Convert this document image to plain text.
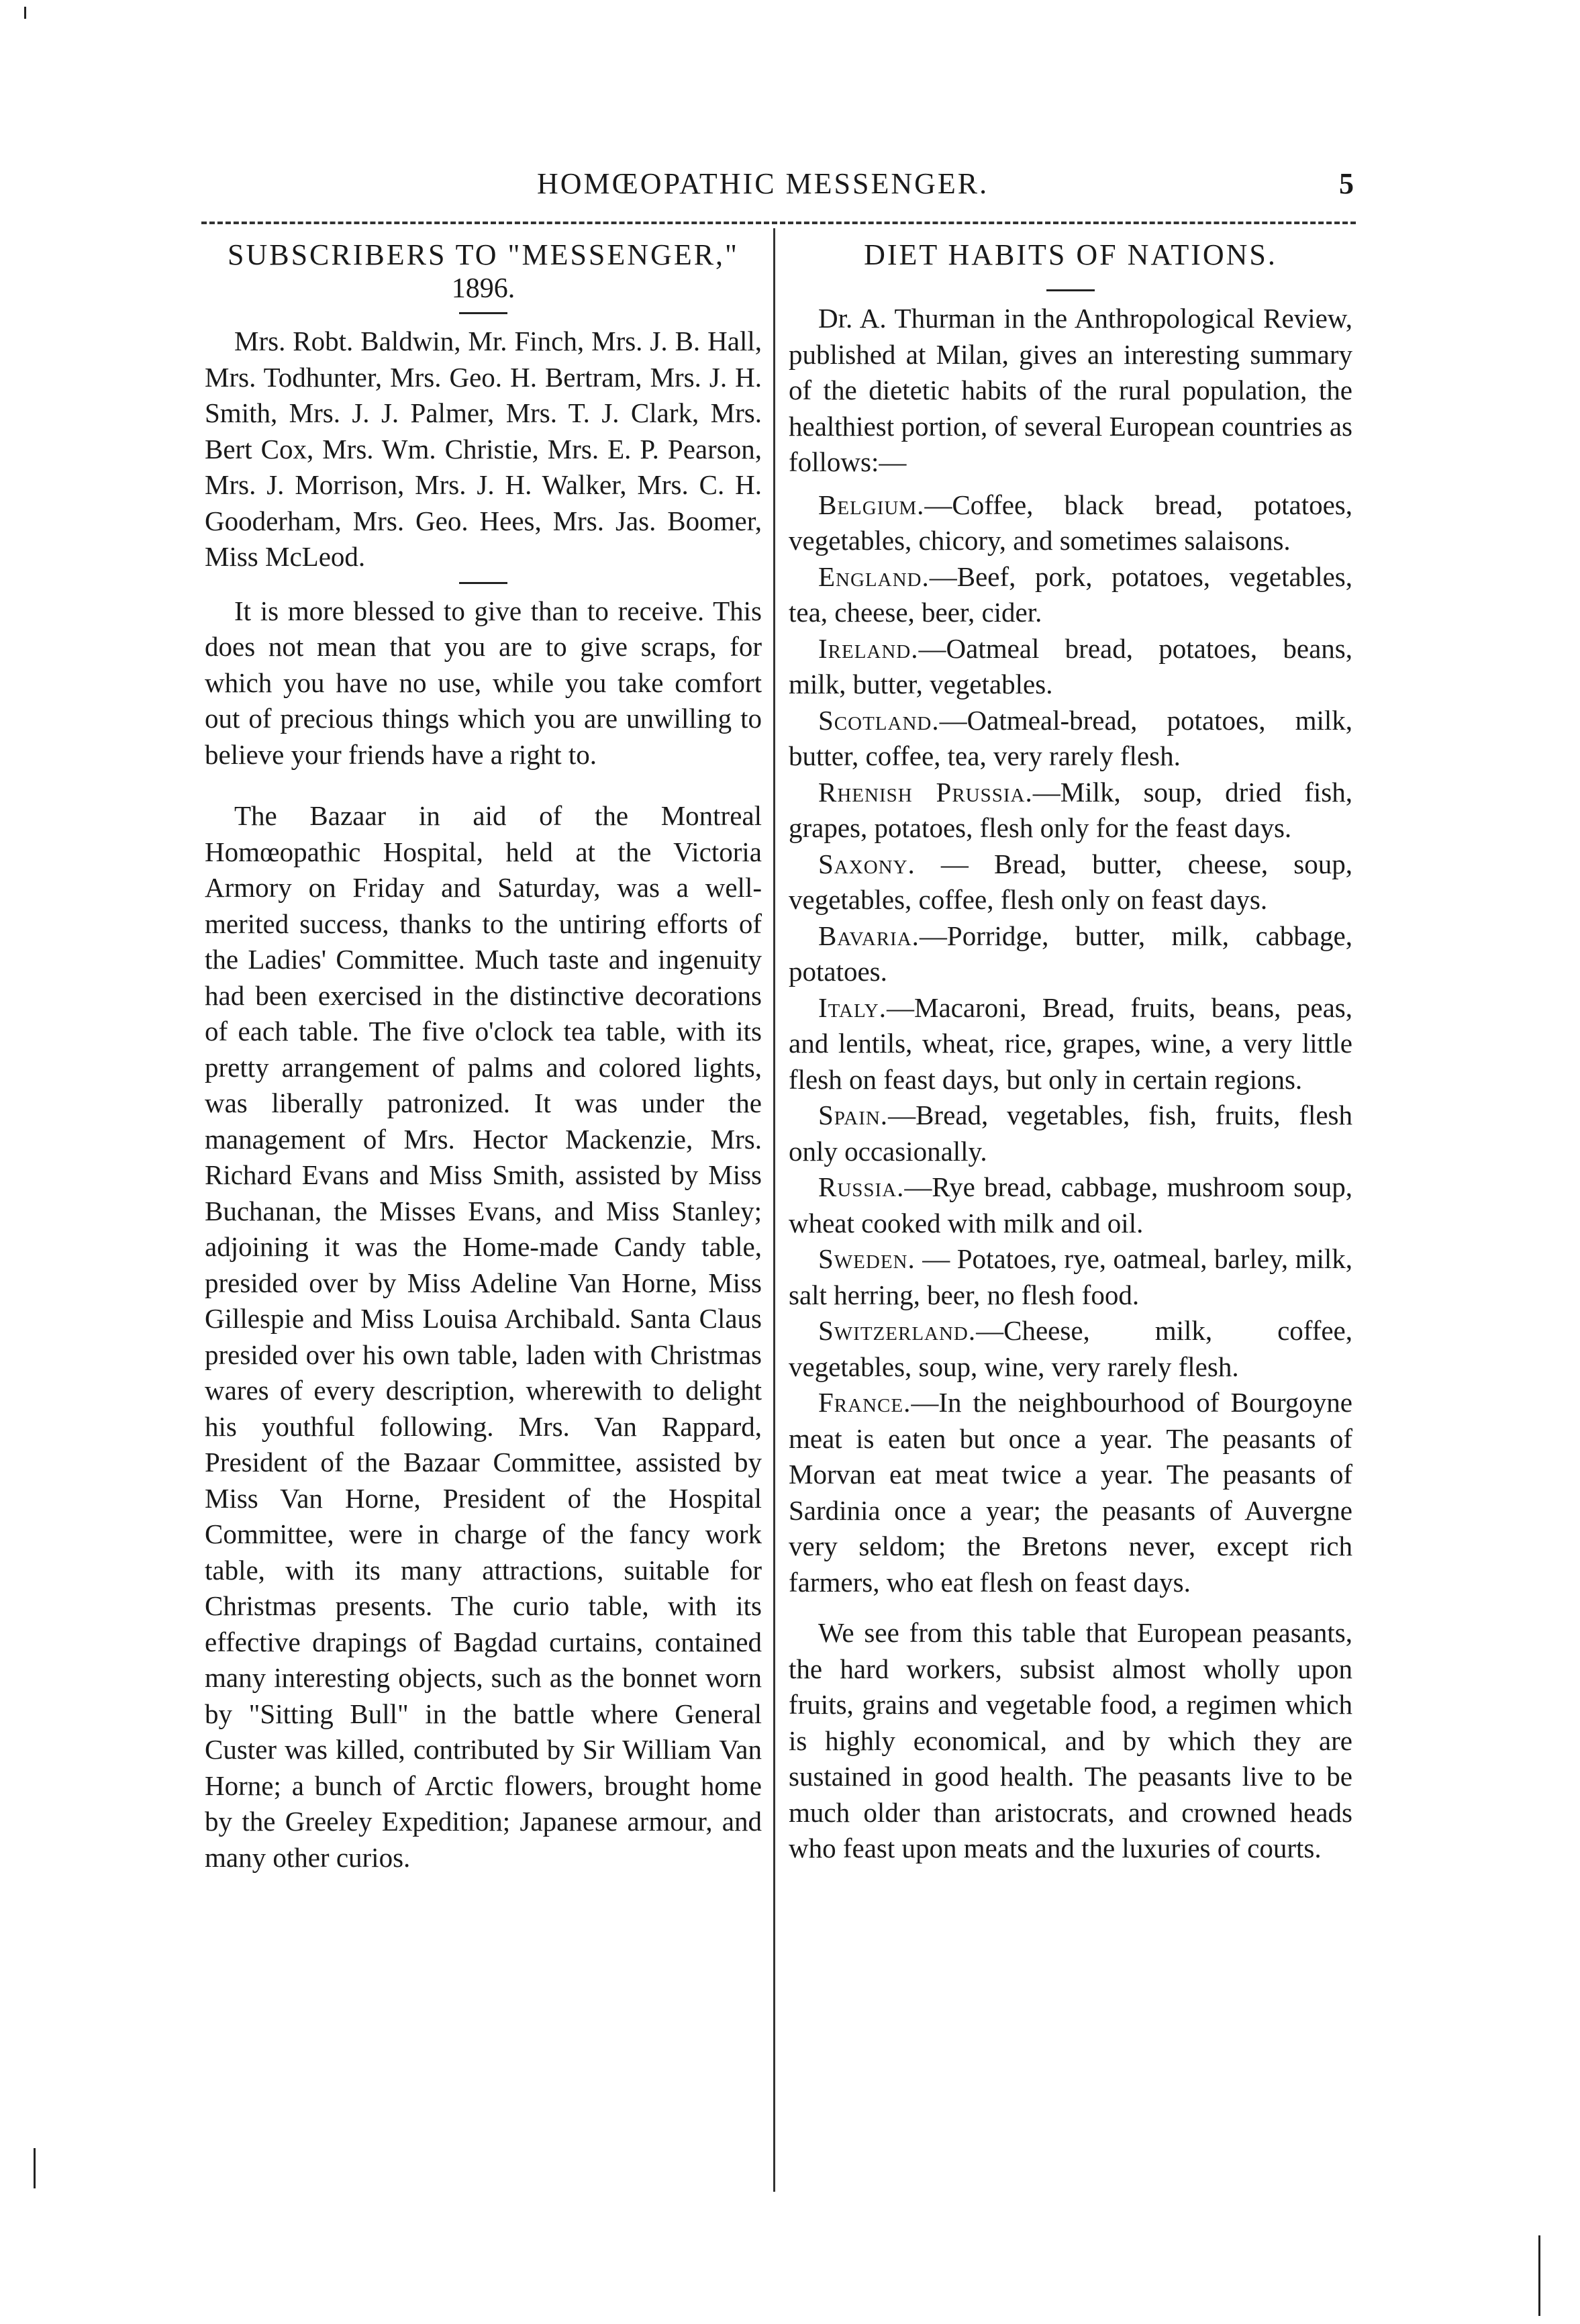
HOMŒOPATHIC MESSENGER.	5

SUBSCRIBERS TO "MESSENGER,"

1896.

Mrs. Robt. Baldwin, Mr. Finch, Mrs. J. B. Hall, Mrs. Todhunter, Mrs. Geo. H. Bertram, Mrs. J. H. Smith, Mrs. J. J. Palmer, Mrs. T. J. Clark, Mrs. Bert Cox, Mrs. Wm. Christie, Mrs. E. P. Pearson, Mrs. J. Morrison, Mrs. J. H. Walker, Mrs. C. H. Gooderham, Mrs. Geo. Hees, Mrs. Jas. Boomer, Miss McLeod.

It is more blessed to give than to receive. This does not mean that you are to give scraps, for which you have no use, while you take comfort out of precious things which you are unwilling to believe your friends have a right to.

The Bazaar in aid of the Montreal Homœopathic Hospital, held at the Victoria Armory on Friday and Saturday, was a well-merited success, thanks to the untiring efforts of the Ladies' Committee. Much taste and ingenuity had been exercised in the distinctive decorations of each table. The five o'clock tea table, with its pretty arrangement of palms and colored lights, was liberally patronized. It was under the management of Mrs. Hector Mackenzie, Mrs. Richard Evans and Miss Smith, assisted by Miss Buchanan, the Misses Evans, and Miss Stanley; adjoining it was the Home-made Candy table, presided over by Miss Adeline Van Horne, Miss Gillespie and Miss Louisa Archibald. Santa Claus presided over his own table, laden with Christmas wares of every description, wherewith to delight his youthful following. Mrs. Van Rappard, President of the Bazaar Committee, assisted by Miss Van Horne, President of the Hospital Committee, were in charge of the fancy work table, with its many attractions, suitable for Christmas presents. The curio table, with its effective drapings of Bagdad curtains, contained many interesting objects, such as the bonnet worn by "Sitting Bull" in the battle where General Custer was killed, contributed by Sir William Van Horne; a bunch of Arctic flowers, brought home by the Greeley Expedition; Japanese armour, and many other curios.

DIET HABITS OF NATIONS.

Dr. A. Thurman in the Anthropological Review, published at Milan, gives an interesting summary of the dietetic habits of the rural population, the healthiest portion, of several European countries as follows:—

Belgium.—Coffee, black bread, potatoes, vegetables, chicory, and sometimes salaisons.

England.—Beef, pork, potatoes, vegetables, tea, cheese, beer, cider.

Ireland.—Oatmeal bread, potatoes, beans, milk, butter, vegetables.

Scotland.—Oatmeal-bread, potatoes, milk, butter, coffee, tea, very rarely flesh.

Rhenish Prussia.—Milk, soup, dried fish, grapes, potatoes, flesh only for the feast days.

Saxony. — Bread, butter, cheese, soup, vegetables, coffee, flesh only on feast days.

Bavaria.—Porridge, butter, milk, cabbage, potatoes.

Italy.—Macaroni, Bread, fruits, beans, peas, and lentils, wheat, rice, grapes, wine, a very little flesh on feast days, but only in certain regions.

Spain.—Bread, vegetables, fish, fruits, flesh only occasionally.

Russia.—Rye bread, cabbage, mushroom soup, wheat cooked with milk and oil.

Sweden. — Potatoes, rye, oatmeal, barley, milk, salt herring, beer, no flesh food.

Switzerland.—Cheese, milk, coffee, vegetables, soup, wine, very rarely flesh.

France.—In the neighbourhood of Bourgoyne meat is eaten but once a year. The peasants of Morvan eat meat twice a year. The peasants of Sardinia once a year; the peasants of Auvergne very seldom; the Bretons never, except rich farmers, who eat flesh on feast days.

We see from this table that European peasants, the hard workers, subsist almost wholly upon fruits, grains and vegetable food, a regimen which is highly economical, and by which they are sustained in good health. The peasants live to be much older than aristocrats, and crowned heads who feast upon meats and the luxuries of courts.
